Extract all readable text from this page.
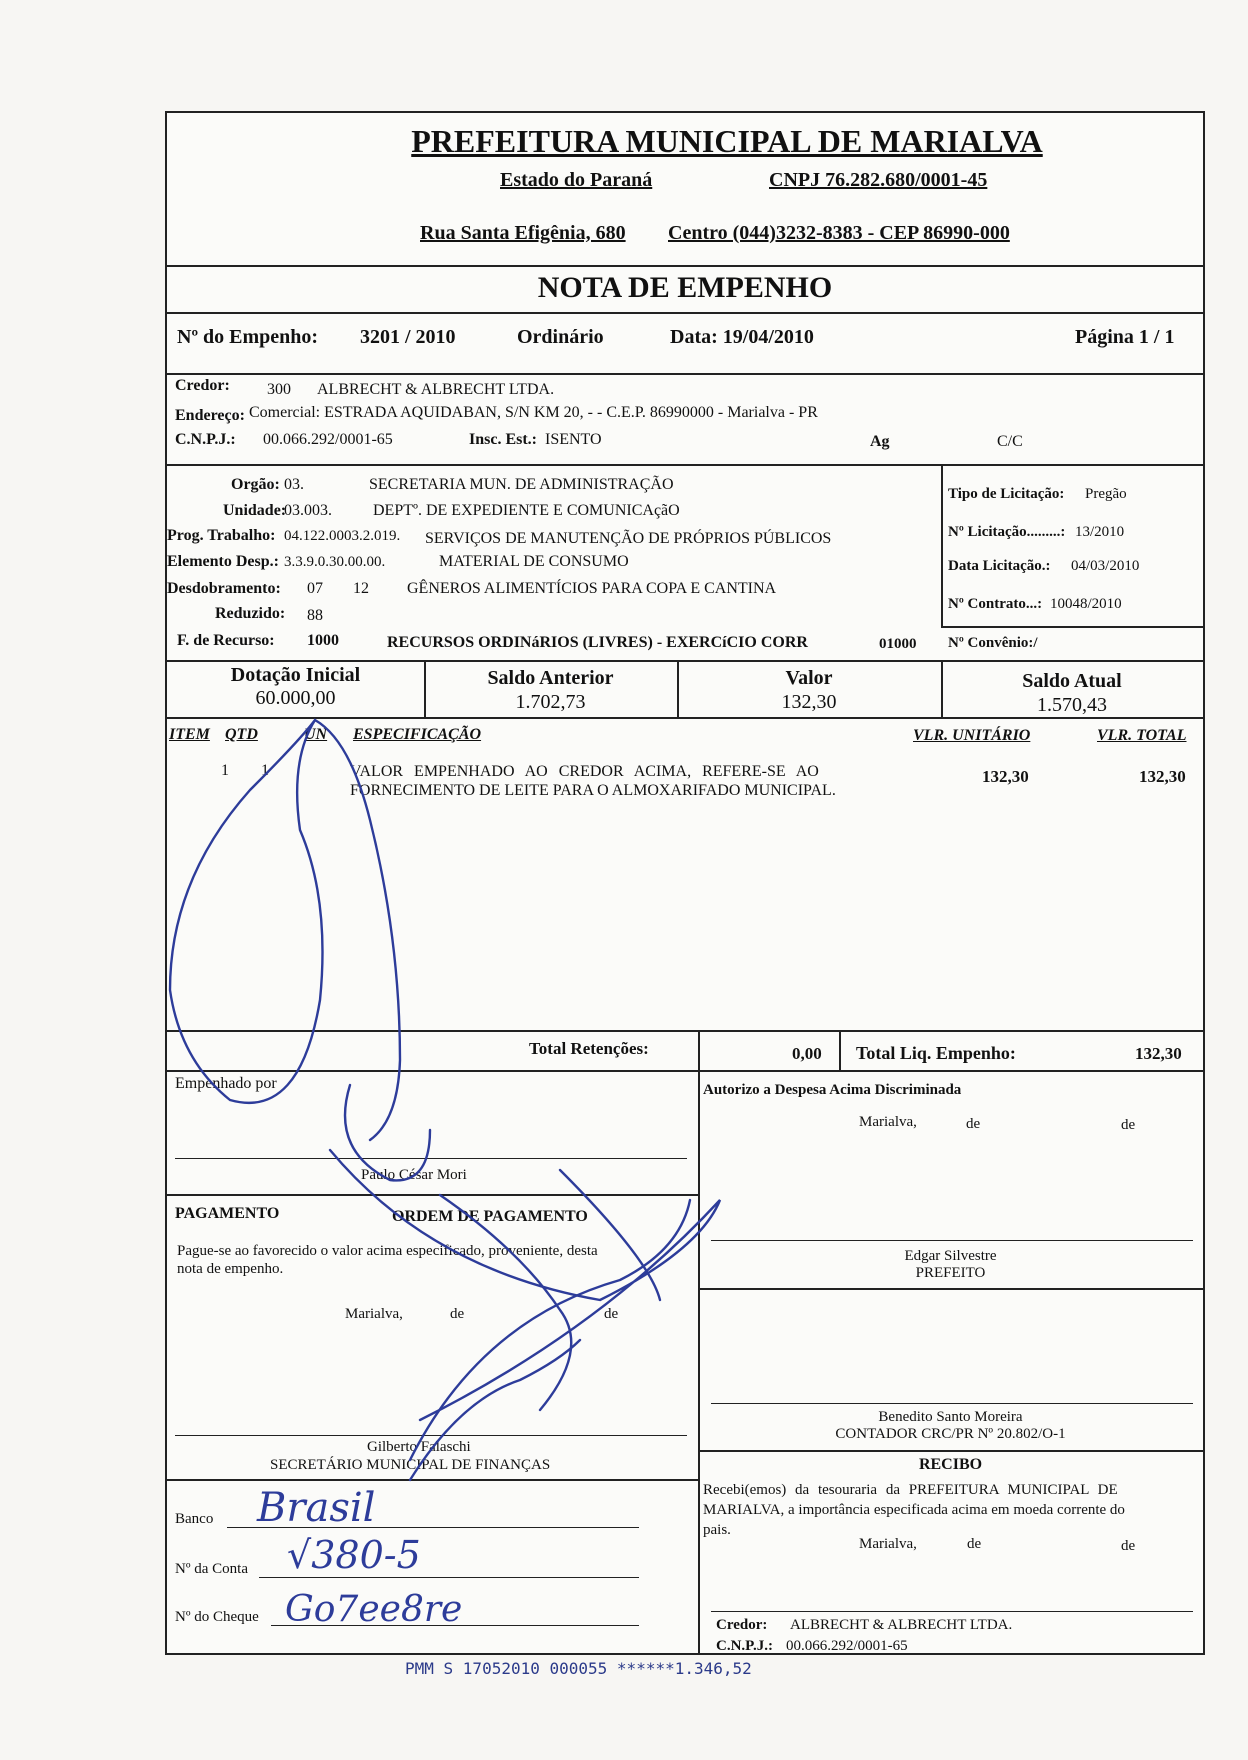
PREFEITURA MUNICIPAL DE MARIALVA
Estado do Paraná	CNPJ 76.282.680/0001-45
Rua Santa Efigênia, 680 Centro (044)3232-8383 - CEP 86990-000
NOTA DE EMPENHO
Nº do Empenho: 3201 / 2010	Ordinário	Data: 19/04/2010	Página 1 / 1
Credor: 300 ALBRECHT & ALBRECHT LTDA.
Endereço: Comercial: ESTRADA AQUIDABAN, S/N KM 20, - - C.E.P. 86990000 - Marialva - PR
C.N.P.J.: 00.066.292/0001-65	Insc. Est.: ISENTO	Ag	C/C
Orgão: 03.	SECRETARIA MUN. DE ADMINISTRAÇÃO
Unidade:
03.003.	DEPTº. DE EXPEDIENTE E COMUNICAçãO
Prog. Trabalho: 04.122.0003.2.019. SERVIÇOS DE MANUTENÇÃO DE PRÓPRIOS PÚBLICOS
Elemento Desp.: 3.3.9.0.30.00.00.	MATERIAL DE CONSUMO
Desdobramento: 07 12 GÊNEROS ALIMENTÍCIOS PARA COPA E CANTINA
Reduzido: 88
F. de Recurso: 1000	RECURSOS ORDINáRIOS (LIVRES) - EXERCíCIO CORR	01000
Tipo de Licitação: Pregão
Nº Licitação.........: 13/2010
Data Licitação.: 04/03/2010
Nº Contrato...: 10048/2010
Nº Convênio:/
Dotação Inicial
60.000,00
Saldo Anterior
1.702,73
Valor
132,30
Saldo Atual
1.570,43
ITEM QTD	UN ESPECIFICAÇÃO	VLR. UNITÁRIO	VLR. TOTAL
1 1	VALOR EMPENHADO AO CREDOR ACIMA, REFERE-SE AO
FORNECIMENTO DE LEITE PARA O ALMOXARIFADO MUNICIPAL.
132,30	132,30
Total Retenções:	0,00 Total Liq. Empenho:	132,30
Empenhado por
Paulo César Mori
PAGAMENTO	ORDEM DE PAGAMENTO
Pague-se ao favorecido o valor acima especificado, proveniente, desta
nota de empenho.
Marialva,	de	de
Gilberto Falaschi
SECRETÁRIO MUNICIPAL DE FINANÇAS
Banco Brasil
Nº da Conta √380-5
Nº do Cheque Go7ee8re
Autorizo a Despesa Acima Discriminada
Marialva,	de	de
Edgar Silvestre
PREFEITO
Benedito Santo Moreira
CONTADOR CRC/PR Nº 20.802/O-1
RECIBO
Recebi(emos) da tesouraria da PREFEITURA MUNICIPAL DE
MARIALVA, a importância especificada acima em moeda corrente do
pais.
Marialva,	de	de
Credor: ALBRECHT & ALBRECHT LTDA.
C.N.P.J.: 00.066.292/0001-65
PMM S 17052010 000055 ******1.346,52
